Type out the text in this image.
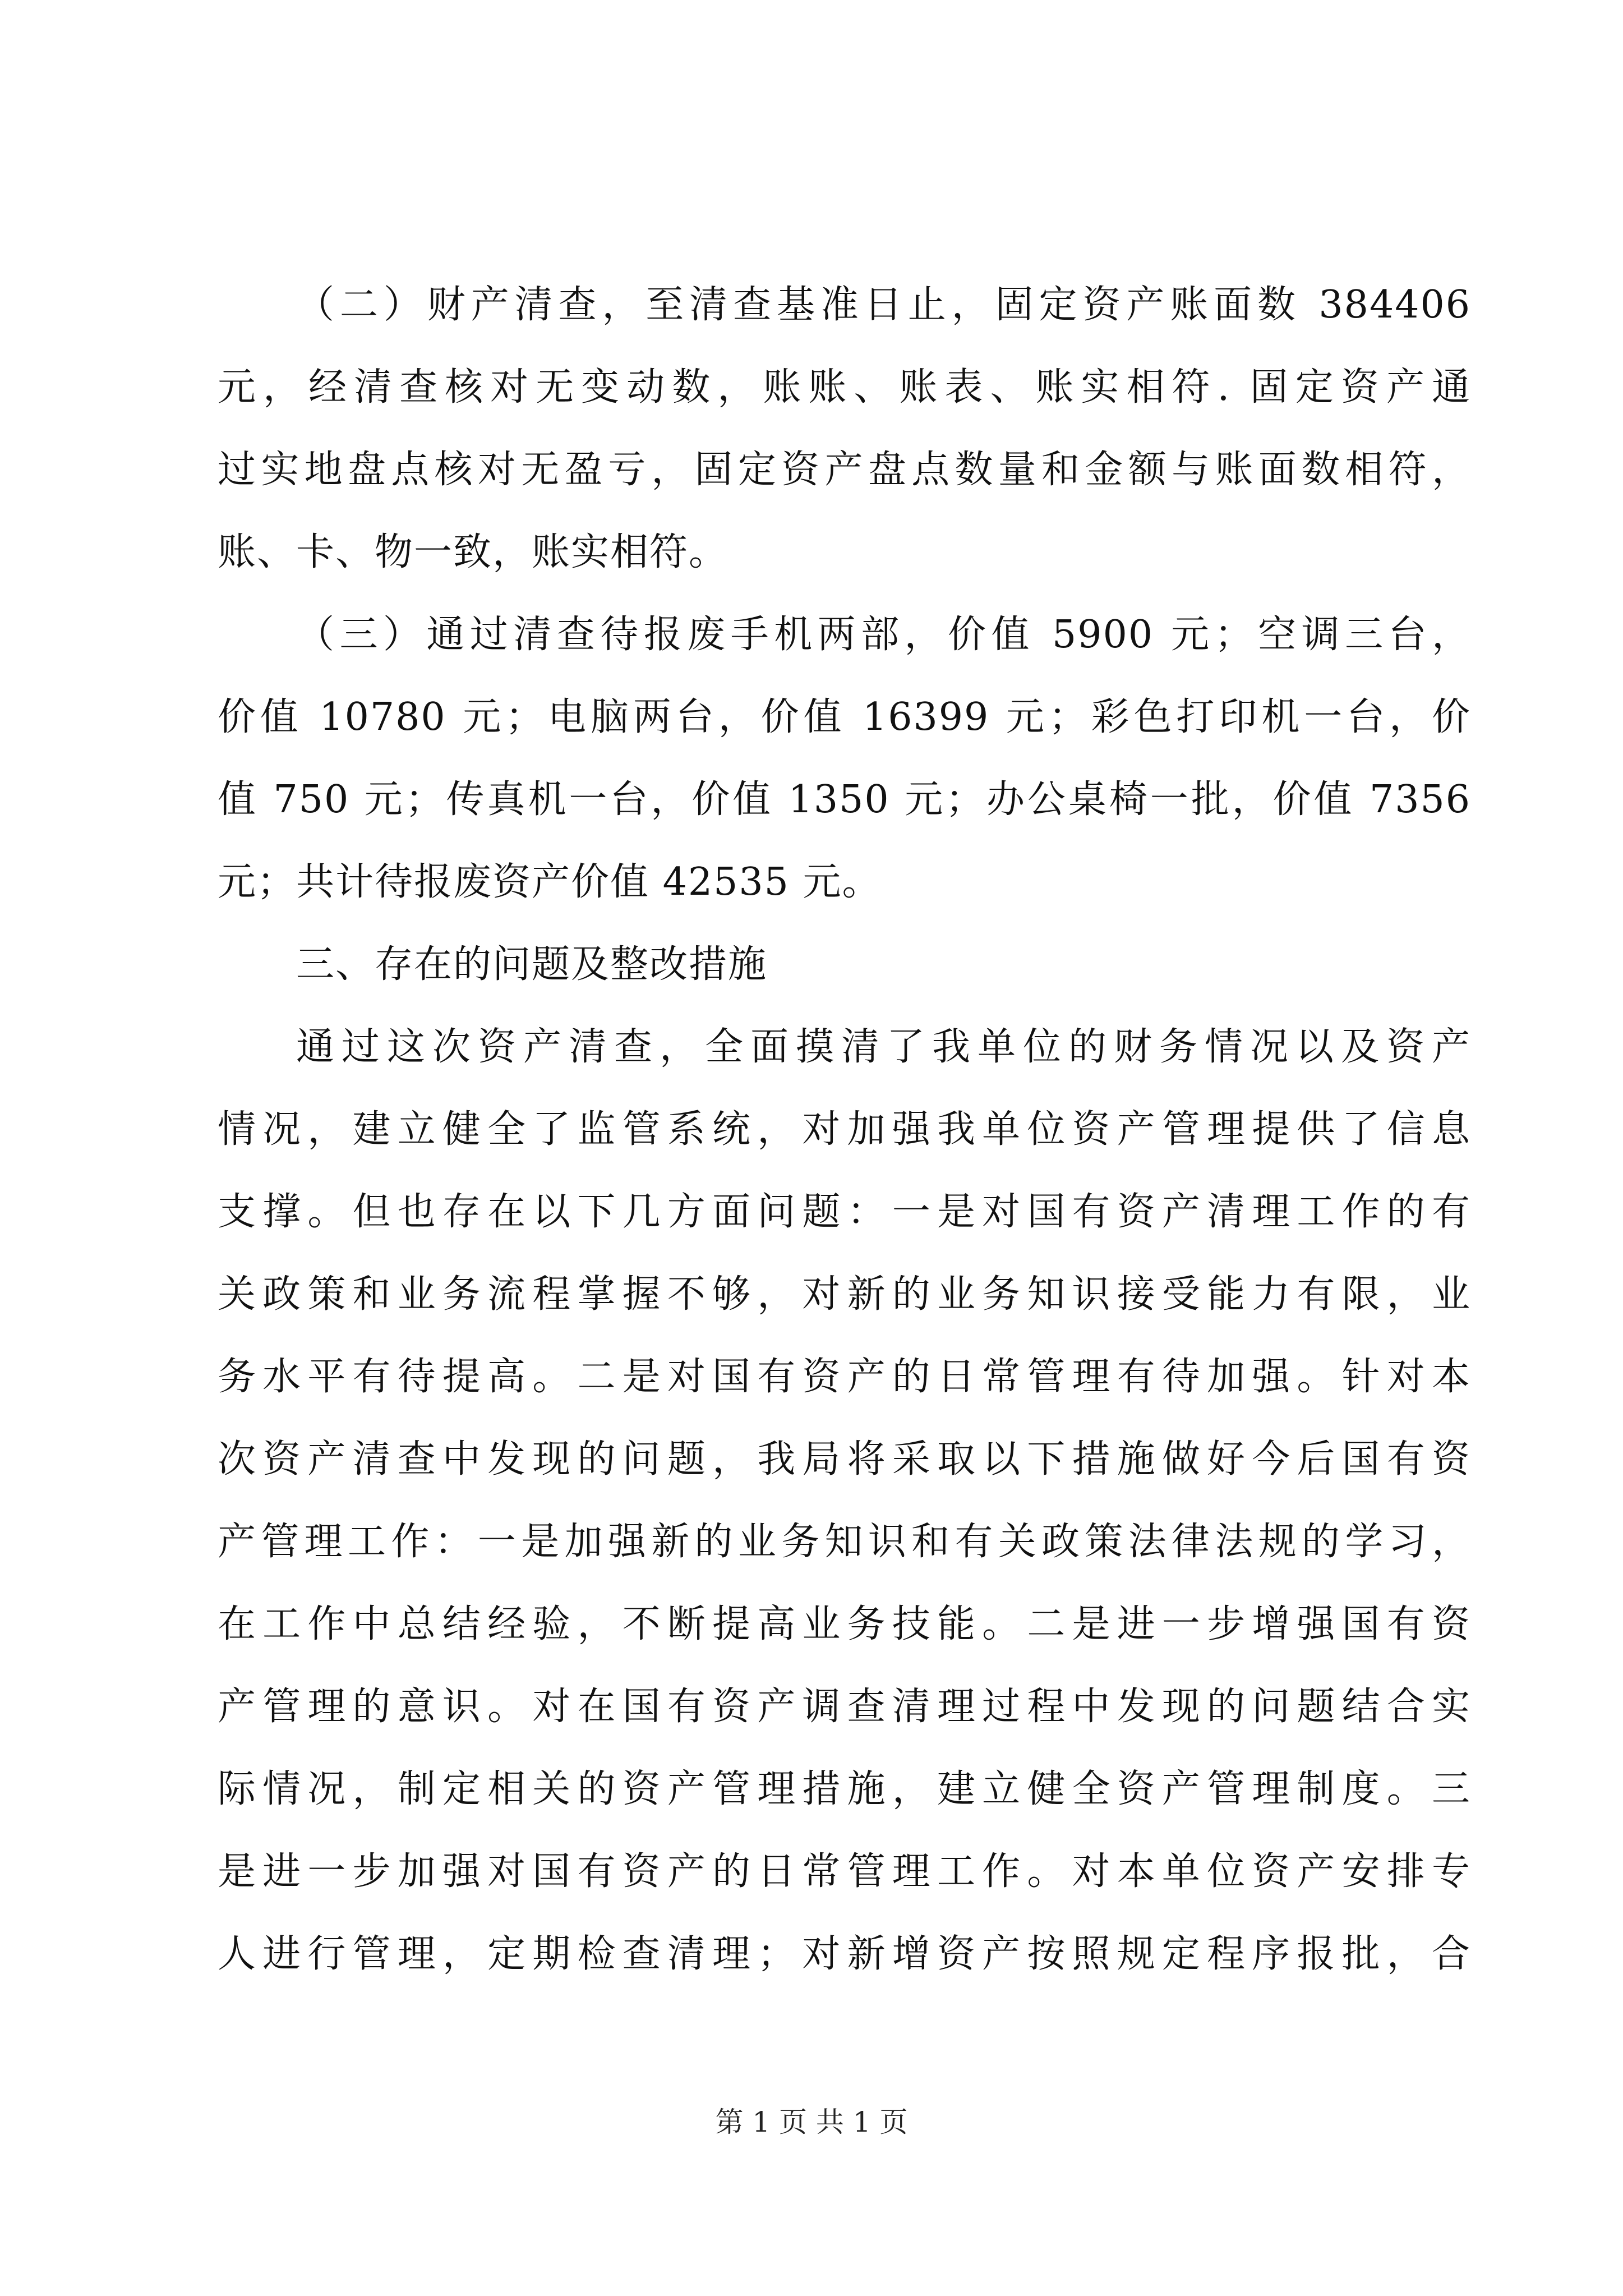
（二）财产清查，至清查基准日止，固定资产账面数 384406
元，经清查核对无变动数，账账、账表、账实相符. 固定资产通
过实地盘点核对无盈亏，固定资产盘点数量和金额与账面数相符，
账、卡、物一致，账实相符。
（三）通过清查待报废手机两部，价值 5900 元；空调三台，
价值 10780 元；电脑两台，价值 16399 元；彩色打印机一台，价
值 750 元；传真机一台，价值 1350 元；办公桌椅一批，价值 7356
元；共计待报废资产价值 42535 元。
三、存在的问题及整改措施
通过这次资产清查，全面摸清了我单位的财务情况以及资产
情况，建立健全了监管系统，对加强我单位资产管理提供了信息
支撑。但也存在以下几方面问题：一是对国有资产清理工作的有
关政策和业务流程掌握不够，对新的业务知识接受能力有限，业
务水平有待提高。二是对国有资产的日常管理有待加强。针对本
次资产清查中发现的问题，我局将采取以下措施做好今后国有资
产管理工作：一是加强新的业务知识和有关政策法律法规的学习，
在工作中总结经验，不断提高业务技能。二是进一步增强国有资
产管理的意识。对在国有资产调查清理过程中发现的问题结合实
际情况，制定相关的资产管理措施，建立健全资产管理制度。三
是进一步加强对国有资产的日常管理工作。对本单位资产安排专
人进行管理，定期检查清理；对新增资产按照规定程序报批，合
第 1 页 共 1 页
